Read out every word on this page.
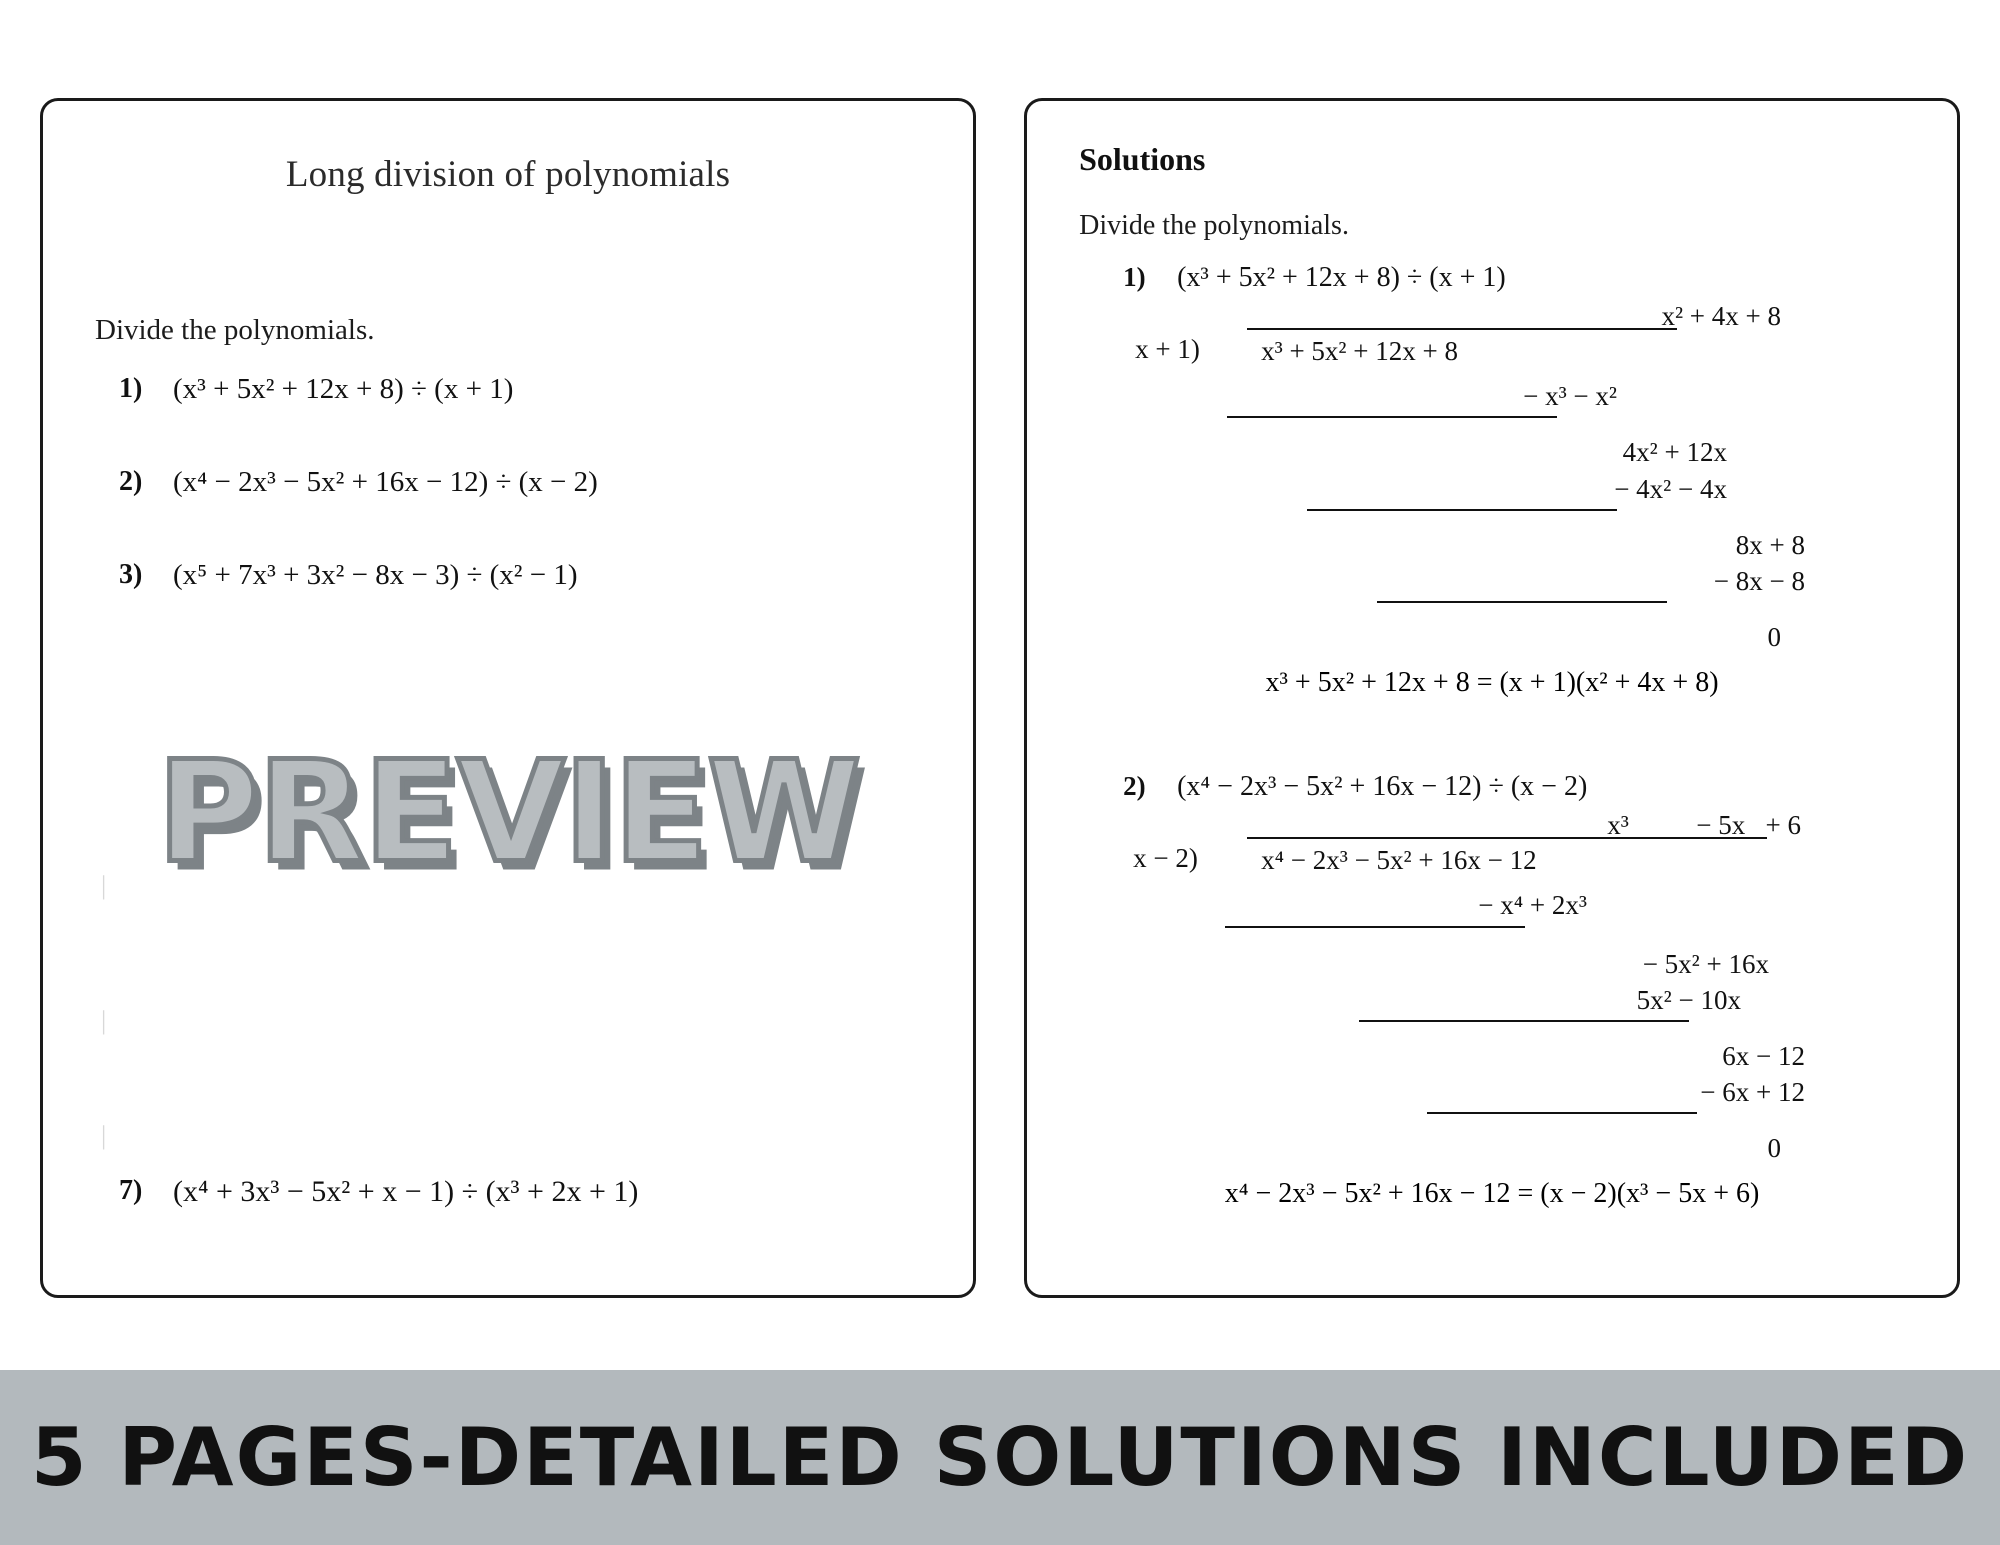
Long division of polynomials
Divide the polynomials.
1)	(x³ + 5x² + 12x + 8) ÷ (x + 1)
2)	(x⁴ − 2x³ − 5x² + 16x − 12) ÷ (x − 2)
3)	(x⁵ + 7x³ + 3x² − 8x − 3) ÷ (x² − 1)
|
|
|
7)	(x⁴ + 3x³ − 5x² + x − 1) ÷ (x³ + 2x + 1)
PREVIEW
Solutions
Divide the polynomials.
1)	(x³ + 5x² + 12x + 8) ÷ (x + 1)
x² + 4x + 8
x + 1) x³ + 5x² + 12x + 8
− x³ − x²
4x² + 12x
− 4x² − 4x
8x + 8
− 8x − 8
0
x³ + 5x² + 12x + 8 = (x + 1)(x² + 4x + 8)
2)	(x⁴ − 2x³ − 5x² + 16x − 12) ÷ (x − 2)
x³          − 5x   + 6
x − 2) x⁴ − 2x³ − 5x² + 16x − 12
− x⁴ + 2x³
− 5x² + 16x
5x² − 10x
6x − 12
− 6x + 12
0
x⁴ − 2x³ − 5x² + 16x − 12 = (x − 2)(x³ − 5x + 6)
5 PAGES-DETAILED SOLUTIONS INCLUDED
